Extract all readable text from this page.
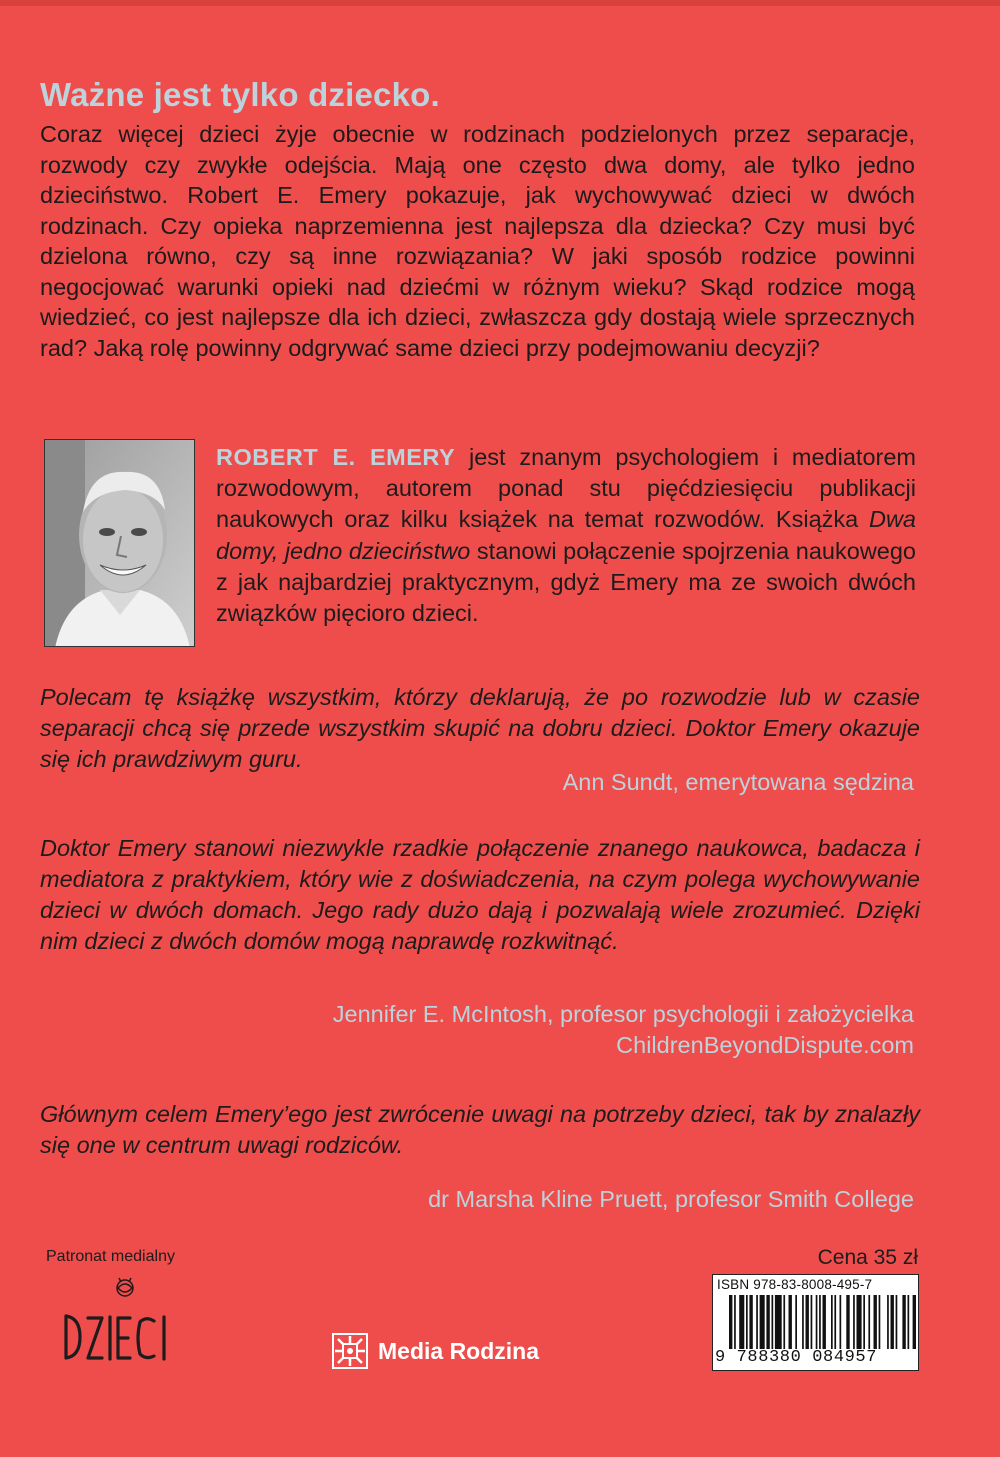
Ważne jest tylko dziecko.

Coraz więcej dzieci żyje obecnie w rodzinach podzielonych przez separacje, rozwody czy zwykłe odejścia. Mają one często dwa domy, ale tylko jedno dzieciństwo. Robert E. Emery pokazuje, jak wychowywać dzieci w dwóch rodzinach. Czy opieka naprzemienna jest najlepsza dla dziecka? Czy musi być dzielona równo, czy są inne rozwiązania? W jaki sposób rodzice powinni negocjować warunki opieki nad dziećmi w różnym wieku? Skąd rodzice mogą wiedzieć, co jest najlepsze dla ich dzieci, zwłaszcza gdy dostają wiele sprzecznych rad? Jaką rolę powinny odgrywać same dzieci przy podejmowaniu decyzji?

ROBERT E. EMERY jest znanym psychologiem i mediatorem rozwodowym, autorem ponad stu pięćdziesięciu publikacji naukowych oraz kilku książek na temat rozwodów. Książka Dwa domy, jedno dzieciństwo stanowi połączenie spojrzenia naukowego z jak najbardziej praktycznym, gdyż Emery ma ze swoich dwóch związków pięcioro dzieci.

Polecam tę książkę wszystkim, którzy deklarują, że po rozwodzie lub w czasie separacji chcą się przede wszystkim skupić na dobru dzieci. Doktor Emery okazuje się ich prawdziwym guru.

Ann Sundt, emerytowana sędzina

Doktor Emery stanowi niezwykle rzadkie połączenie znanego naukowca, badacza i mediatora z praktykiem, który wie z doświadczenia, na czym polega wychowywanie dzieci w dwóch domach. Jego rady dużo dają i pozwalają wiele zrozumieć. Dzięki nim dzieci z dwóch domów mogą naprawdę rozkwitnąć.

Jennifer E. McIntosh, profesor psychologii i założycielka
ChildrenBeyondDispute.com

Głównym celem Emery’ego jest zwrócenie uwagi na potrzeby dzieci, tak by znalazły się one w centrum uwagi rodziców.

dr Marsha Kline Pruett, profesor Smith College
Patronat medialny
Media Rodzina
Cena 35 zł
ISBN 978-83-8008-495-7
9 788380 084957
